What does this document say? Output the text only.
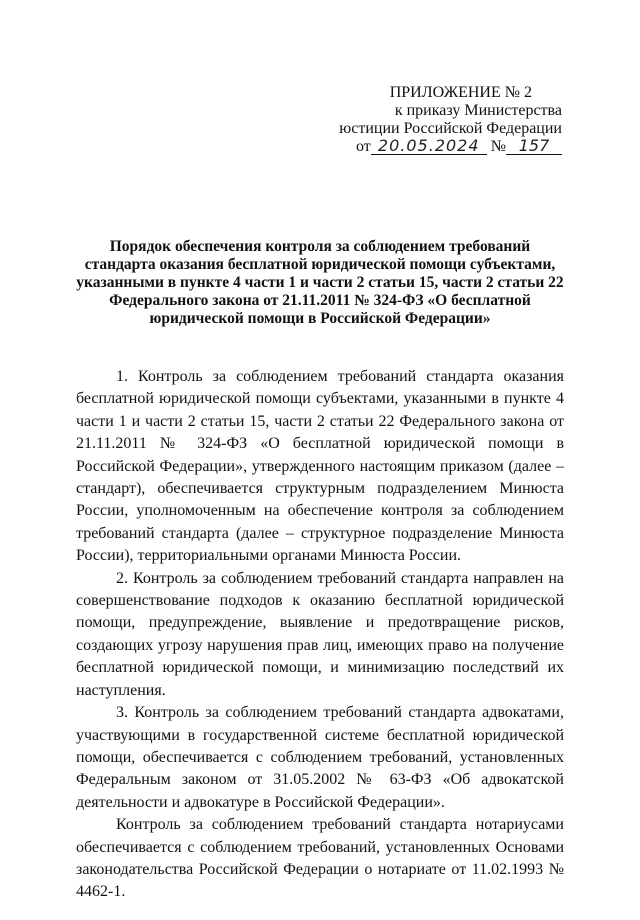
ПРИЛОЖЕНИЕ № 2
к приказу Министерства
юстиции Российской Федерации
от 20.05.2024 № 157
Порядок обеспечения контроля за соблюдением требований
стандарта оказания бесплатной юридической помощи субъектами,
указанными в пункте 4 части 1 и части 2 статьи 15, части 2 статьи 22
Федерального закона от 21.11.2011 № 324-ФЗ «О бесплатной
юридической помощи в Российской Федерации»

1. Контроль за соблюдением требований стандарта оказания бесплатной юридической помощи субъектами, указанными в пункте 4 части 1 и части 2 статьи 15, части 2 статьи 22 Федерального закона от 21.11.2011 № 324-ФЗ «О бесплатной юридической помощи в Российской Федерации», утвержденного настоящим приказом (далее – стандарт), обеспечивается структурным подразделением Минюста России, уполномоченным на обеспечение контроля за соблюдением требований стандарта (далее – структурное подразделение Минюста России), территориальными органами Минюста России.

2. Контроль за соблюдением требований стандарта направлен на совершенствование подходов к оказанию бесплатной юридической помощи, предупреждение, выявление и предотвращение рисков, создающих угрозу нарушения прав лиц, имеющих право на получение бесплатной юридической помощи, и минимизацию последствий их наступления.

3. Контроль за соблюдением требований стандарта адвокатами, участвующими в государственной системе бесплатной юридической помощи, обеспечивается с соблюдением требований, установленных Федеральным законом от 31.05.2002 № 63-ФЗ «Об адвокатской деятельности и адвокатуре в Российской Федерации».

Контроль за соблюдением требований стандарта нотариусами обеспечивается с соблюдением требований, установленных Основами законодательства Российской Федерации о нотариате от 11.02.1993 № 4462-1.
